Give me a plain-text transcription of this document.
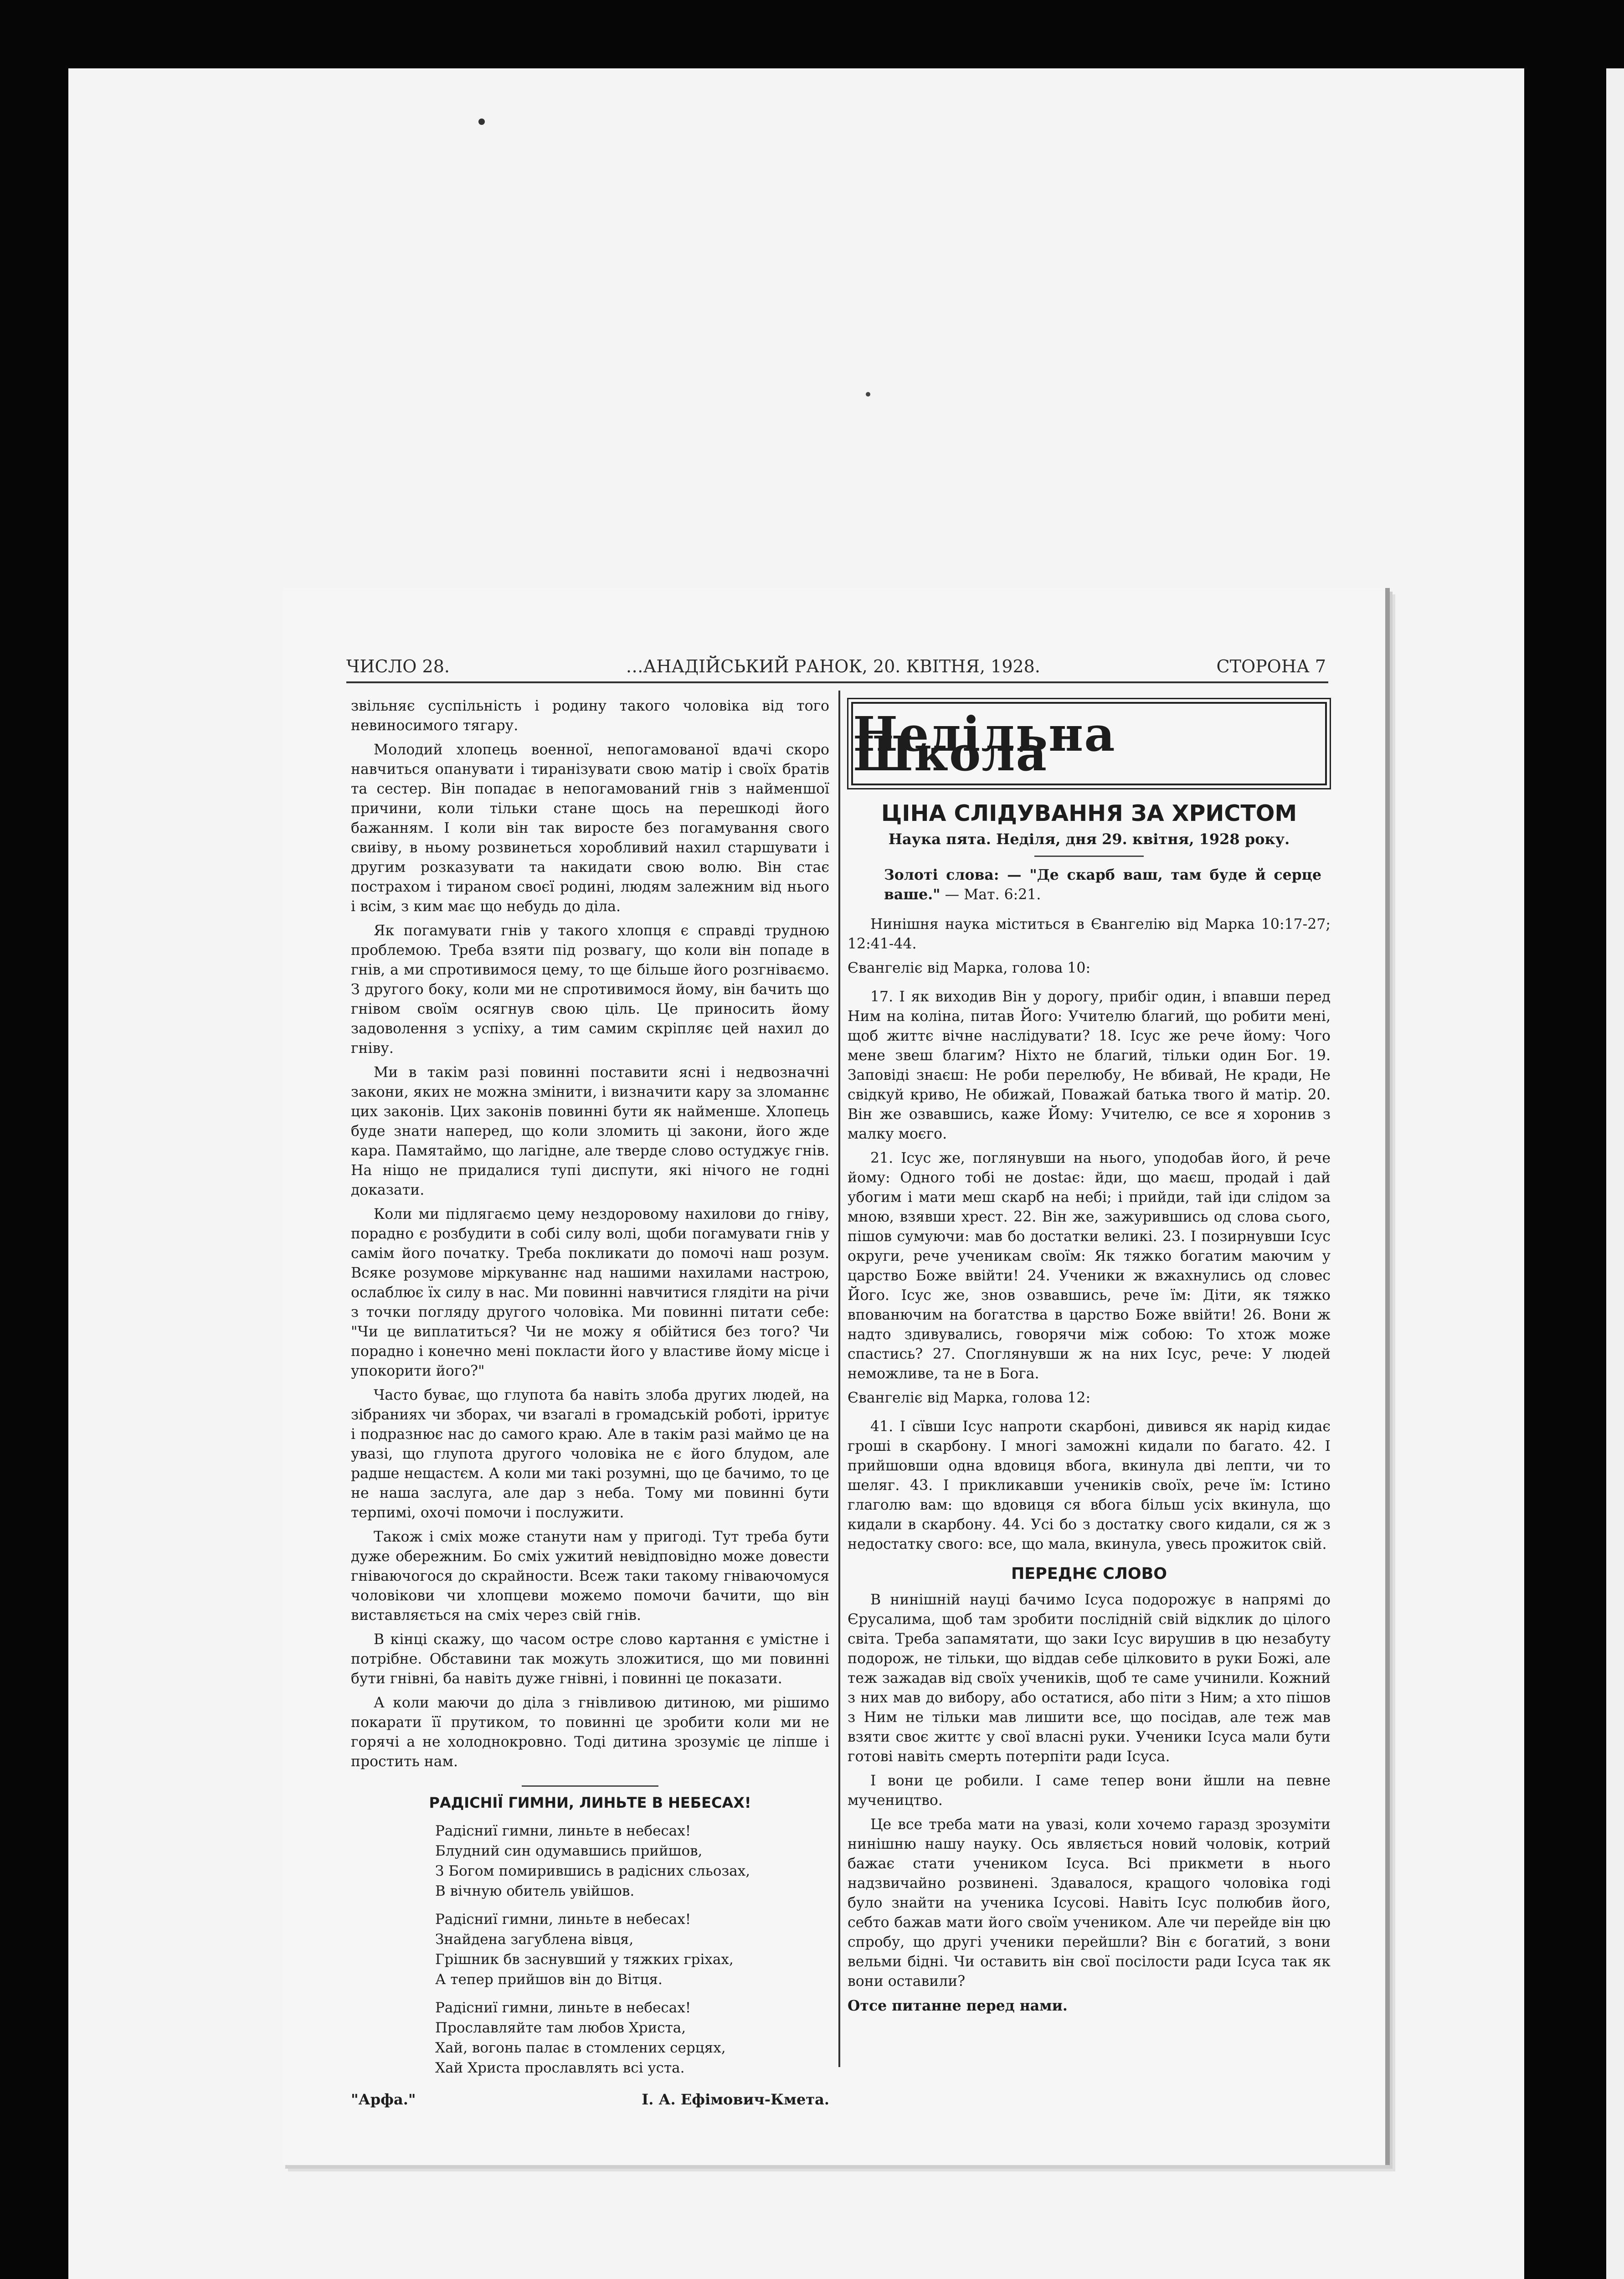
ЧИСЛО 28.	…АНАДІЙСЬКИЙ РАНОК, 20. КВІТНЯ, 1928.	СТОРОНА 7

звільняє суспільність і родину такого чоловіка від того невиносимого тягару.

Молодий хлопець военної, непогамованої вдачі скоро навчиться опанувати і тиранізувати свою матір і своїх братів та сестер. Він попадає в непогамований гнів з найменшої причини, коли тільки стане щось на перешкоді його бажанням. І коли він так вирoсте без погамування свого свиіву, в ньому розвинеться хоробливий нахил старшувати і другим розказувати та накидати свою волю. Він стає пострахом і тираном своєї родині, людям залежним від нього і всім, з ким має що небудь до діла.

Як погамувати гнів у такого хлопця є справді трудною проблемою. Треба взяти під розвагу, що коли він попаде в гнів, а ми спротивимося цему, то ще більше його розгніваємо. З другого боку, коли ми не спротивимося йому, він бачить що гнівом своїм осягнув свою ціль. Це приносить йому задоволення з успіху, а тим самим скріпляє цей нахил до гніву.

Ми в такім разі повинні поставити ясні і недвозначні закони, яких не можна змінити, і визначити кару за зломаннє цих законів. Цих законів повинні бути як найменше. Хлопець буде знати наперед, що коли зломить ці закони, його жде кара. Памятаймо, що лагідне, але тверде слово остуджує гнів. На ніщо не придалися тупі диспути, які нічого не годні доказати.

Коли ми підлягаємо цему нездоровому нахилови до гніву, порадно є розбудити в собі силу волі, щоби погамувати гнів у самім його початку. Треба покликати до помочі наш розум. Всяке розумове міркуваннє над нашими нахилами настрою, ослаблює їх силу в нас. Ми повинні навчитися глядіти на річи з точки погляду другого чоловіка. Ми повинні питати себе: "Чи це виплатиться? Чи не можу я обійтися без того? Чи порадно і конечно мені покласти його у властиве йому місце і упокорити його?"

Часто буває, що глупота ба навіть злоба других людей, на зібраниях чи зборах, чи взагалі в громадській роботі, ірритує і подразнює нас до самого краю. Але в такім разі маймо це на увазі, що глупота другого чоловіка не є його блудом, але радше нещастєм. А коли ми такі розумні, що це бачимо, то це не наша заслуга, але дар з неба. Тому ми повинні бути терпимі, охочі помочи і послужити.

Також і сміх може станути нам у пригоді. Тут треба бути дуже обережним. Бо сміх ужитий невідповідно може довести гніваючогося до скрайности. Всеж таки такому гніваючомуся чоловікови чи хлопцеви можемо помочи бачити, що він виставляється на сміх через свій гнів.

В кінці скажу, що часом остре слово картання є умістне і потрібне. Обставини так можуть зложитися, що ми повинні бути гнівні, ба навіть дуже гнівні, і повинні це показати.

А коли маючи до діла з гнівливою дитиною, ми рішимо покарати її прутиком, то повинні це зробити коли ми не горячі а не холоднокровно. Тоді дитина зрозуміє це ліпше і простить нам.

РАДІСНІЇ ГИМНИ, ЛИНЬТЕ В НЕБЕСАХ!
Радісниї гимни, линьте в небесах!
Блудний син одумавшись прийшов,
З Богом помирившись в радісних сльозах,
В вічную обитель увійшов.
Радісниї гимни, линьте в небесах!
Знайдена загублена вівця,
Грішник бв заснувший у тяжких гріхах,
А тепер прийшов він до Вітця.
Радісниї гимни, линьте в небесах!
Прославляйте там любов Христа,
Хай, вогонь палає в стомлених серцях,
Хай Христа прославлять всі уста.
"Арфа."	І. А. Ефімович-Кмета.
Недільна Школа
ЦІНА СЛІДУВАННЯ ЗА ХРИСТОМ
Наука пята. Неділя, дня 29. квітня, 1928 року.
Золоті слова: — "Де скарб ваш, там буде й серце ваше." — Мат. 6:21.

Нинішня наука міститься в Євангелію від Марка 10:17-27; 12:41-44.

Євангеліє від Марка, голова 10:

17. І як виходив Він у дорогу, прибіг один, і впавши перед Ним на коліна, питав Його: Учителю благий, що робити мені, щоб життє вічне наслідувати? 18. Ісус же рече йому: Чого мене звеш благим? Ніхто не благий, тільки один Бог. 19. Заповіді знаєш: Не роби перелюбу, Не вбивай, Не кради, Не свідкуй криво, Не обижай, Поважай батька твого й матір. 20. Він же озвавшись, каже Йому: Учителю, се все я хоронив з малку моєго.

21. Ісус же, поглянувши на нього, уподобав його, й рече йому: Одного тобі не дostaє: йди, що маєш, продай і дай убогим і мати меш скарб на небі; і прийди, тай іди слідом за мною, взявши хрест. 22. Він же, зажурившись од слова сього, пішов сумуючи: мав бо достатки великі. 23. І позирнувши Ісус округи, рече ученикам своїм: Як тяжко богатим маючим у царство Боже ввійти! 24. Ученики ж вжахнулись од словес Його. Ісус же, знов озвавшись, рече їм: Діти, як тяжко впованючим на богатства в царство Боже ввійти! 26. Вони ж надто здивувались, говорячи між собою: То хтож може спастись? 27. Споглянувши ж на них Ісус, рече: У людей неможливе, та не в Бога.

Євангеліє від Марка, голова 12:

41. І сївши Ісус напроти скарбонi, дивився як нарід кидає гроші в скарбону. І многі заможні кидали по багато. 42. І прийшовши одна вдовиця вбога, вкинула дві лепти, чи то шеляг. 43. І прикликавши учеників своїх, рече їм: Істино глаголю вам: що вдовиця ся вбога більш усіх вкинула, що кидали в скарбону. 44. Усі бо з достатку свого кидали, ся ж з недостатку свого: все, що мала, вкинула, увесь прожиток свій.

ПЕРЕДНЄ СЛОВО

В нинішній науці бачимо Ісуса подорожує в напрямі до Єрусалима, щоб там зробити послідній свій відклик до цілого світа. Треба запамятати, що заки Ісус вирушив в цю незабуту подорож, не тільки, що віддав себе цілковито в руки Божі, але теж зажадав від своїх учеників, щоб те саме учинили. Кожний з них мав до вибору, або остатися, або піти з Ним; а хто пішов з Ним не тільки мав лишити все, що посідав, але теж мав взяти своє життє у свої власні руки. Ученики Ісуса мали бути готові навіть смерть потерпіти ради Ісуса.

І вони це робили. І саме тепер вони йшли на певне мучеництво.

Це все треба мати на увазі, коли хочемо гаразд зрозуміти нинішню нашу науку. Ось являється новий чоловік, котрий бажає стати учеником Ісуса. Всі прикмети в нього надзвичайно розвинені. Здавалося, кращого чоловіка годі було знайти на ученика Ісусові. Навіть Ісус полюбив його, себто бажав мати його своїм учеником. Але чи перейде він цю спробу, що другі ученики перейшли? Він є богатий, з вони вельми бідні. Чи оставить він свої посілости ради Ісуса так як вони оставили?

Отсе питанне перед нами.
